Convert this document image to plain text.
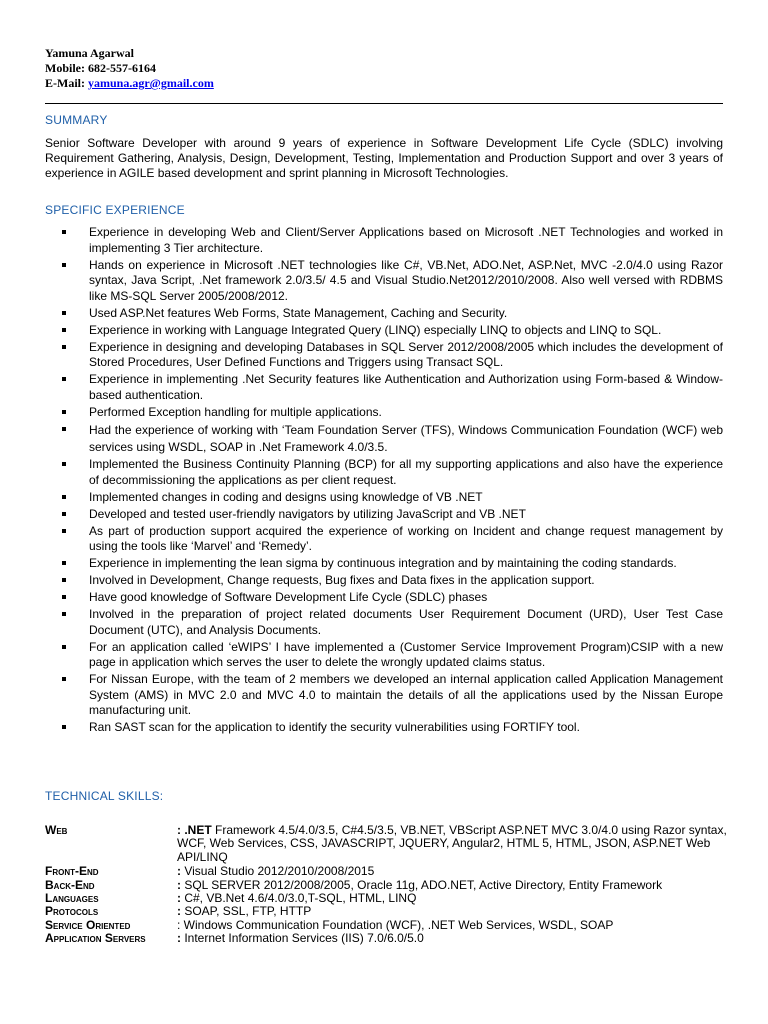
Yamuna Agarwal
Mobile: 682-557-6164
E-Mail: yamuna.agr@gmail.com
SUMMARY
Senior Software Developer with around 9 years of experience in Software Development Life Cycle (SDLC) involving Requirement Gathering, Analysis, Design, Development, Testing, Implementation and Production Support and over 3 years of experience in AGILE based development and sprint planning in Microsoft Technologies.
SPECIFIC EXPERIENCE
Experience in developing Web and Client/Server Applications based on Microsoft .NET Technologies and worked in implementing 3 Tier architecture.
Hands on experience in Microsoft .NET technologies like C#, VB.Net, ADO.Net, ASP.Net, MVC -2.0/4.0 using Razor syntax, Java Script, .Net framework 2.0/3.5/ 4.5 and Visual Studio.Net2012/2010/2008. Also well versed with RDBMS like MS-SQL Server 2005/2008/2012.
Used ASP.Net features Web Forms, State Management, Caching and Security.
Experience in working with Language Integrated Query (LINQ) especially LINQ to objects and LINQ to SQL.
Experience in designing and developing Databases in SQL Server 2012/2008/2005 which includes the development of Stored Procedures, User Defined Functions and Triggers using Transact SQL.
Experience in implementing .Net Security features like Authentication and Authorization using Form-based & Window-based authentication.
Performed Exception handling for multiple applications.
Had the experience of working with ‘Team Foundation Server (TFS), Windows Communication Foundation (WCF) web services using WSDL, SOAP in .Net Framework 4.0/3.5.
Implemented the Business Continuity Planning (BCP) for all my supporting applications and also have the experience of decommissioning the applications as per client request.
Implemented changes in coding and designs using knowledge of VB .NET
Developed and tested user-friendly navigators by utilizing JavaScript and VB .NET
As part of production support acquired the experience of working on Incident and change request management by using the tools like ‘Marvel’ and ‘Remedy’.
Experience in implementing the lean sigma by continuous integration and by maintaining the coding standards.
Involved in Development, Change requests, Bug fixes and Data fixes in the application support.
Have good knowledge of Software Development Life Cycle (SDLC) phases
Involved in the preparation of project related documents User Requirement Document (URD), User Test Case Document (UTC), and Analysis Documents.
For an application called ‘eWIPS’ I have implemented a (Customer Service Improvement Program)CSIP with a new page in application which serves the user to delete the wrongly updated claims status.
For Nissan Europe, with the team of 2 members we developed an internal application called Application Management System (AMS) in MVC 2.0 and MVC 4.0 to maintain the details of all the applications used by the Nissan Europe manufacturing unit.
Ran SAST scan for the application to identify the security vulnerabilities using FORTIFY tool.
TECHNICAL SKILLS:
Web	: .NET Framework 4.5/4.0/3.5, C#4.5/3.5, VB.NET, VBScript ASP.NET MVC 3.0/4.0 using Razor syntax, WCF, Web Services, CSS, JAVASCRIPT, JQUERY, Angular2, HTML 5, HTML, JSON, ASP.NET Web API/LINQ
Front-End	: Visual Studio 2012/2010/2008/2015
Back-End	: SQL SERVER 2012/2008/2005, Oracle 11g, ADO.NET, Active Directory, Entity Framework
Languages	: C#, VB.Net 4.6/4.0/3.0,T-SQL, HTML, LINQ
Protocols	: SOAP, SSL, FTP, HTTP
Service Oriented	: Windows Communication Foundation (WCF), .NET Web Services, WSDL, SOAP
Application Servers	: Internet Information Services (IIS) 7.0/6.0/5.0
